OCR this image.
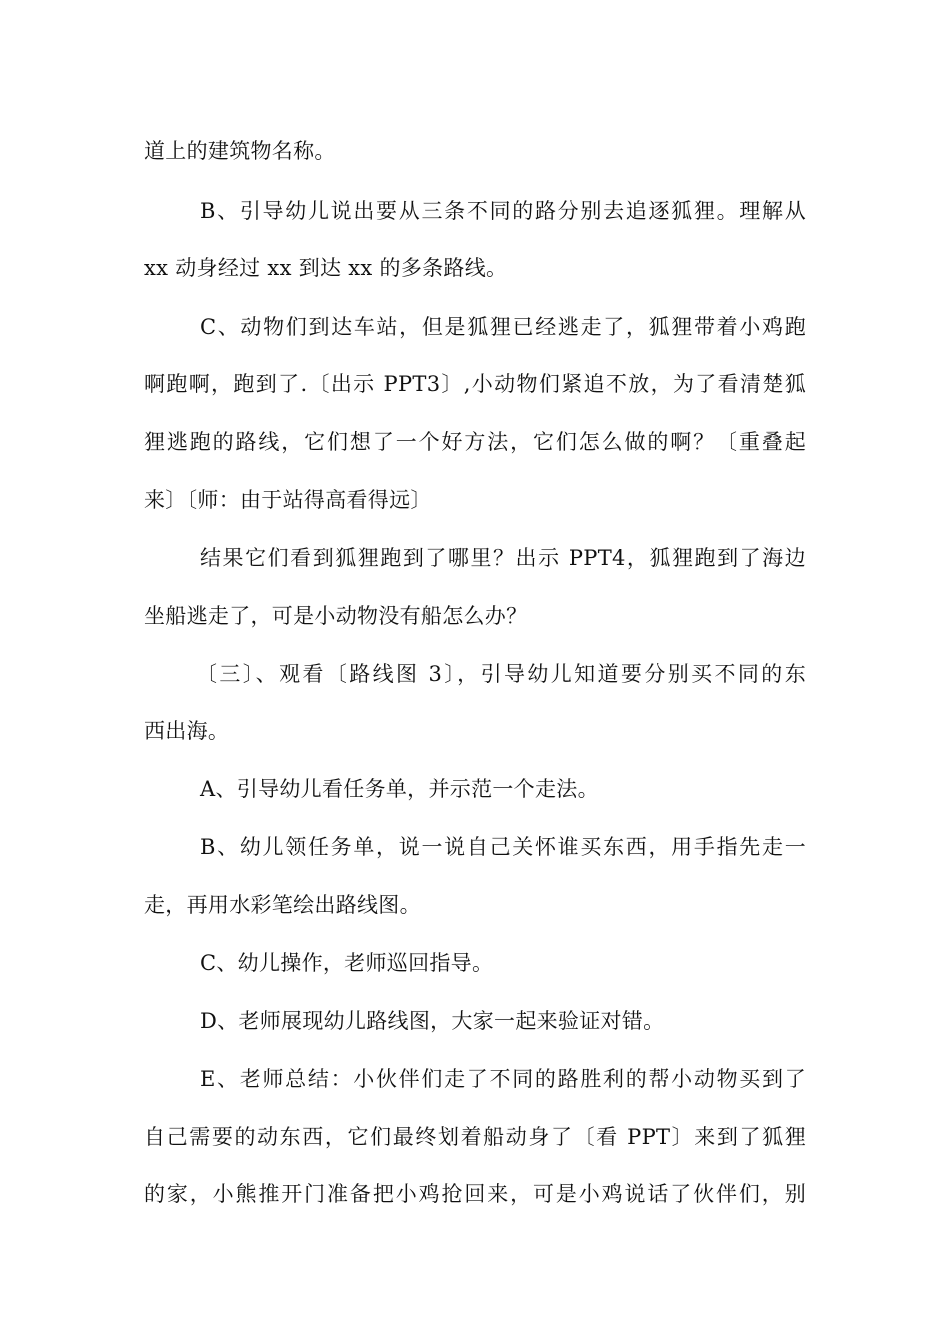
道上的建筑物名称。
B、引导幼儿说出要从三条不同的路分别去追逐狐狸。理解从
xx 动身经过 xx 到达 xx 的多条路线。
C、动物们到达车站，但是狐狸已经逃走了，狐狸带着小鸡跑
啊跑啊，跑到了.〔出示 PPT3〕,小动物们紧追不放，为了看清楚狐
狸逃跑的路线，它们想了一个好方法，它们怎么做的啊？〔重叠起
来〕〔师：由于站得高看得远〕
结果它们看到狐狸跑到了哪里？出示 PPT4，狐狸跑到了海边
坐船逃走了，可是小动物没有船怎么办？
〔三〕、观看〔路线图 3〕，引导幼儿知道要分别买不同的东
西出海。
A、引导幼儿看任务单，并示范一个走法。
B、幼儿领任务单，说一说自己关怀谁买东西，用手指先走一
走，再用水彩笔绘出路线图。
C、幼儿操作，老师巡回指导。
D、老师展现幼儿路线图，大家一起来验证对错。
E、老师总结：小伙伴们走了不同的路胜利的帮小动物买到了
自己需要的动东西，它们最终划着船动身了〔看 PPT〕来到了狐狸
的家，小熊推开门准备把小鸡抢回来，可是小鸡说话了伙伴们，别
